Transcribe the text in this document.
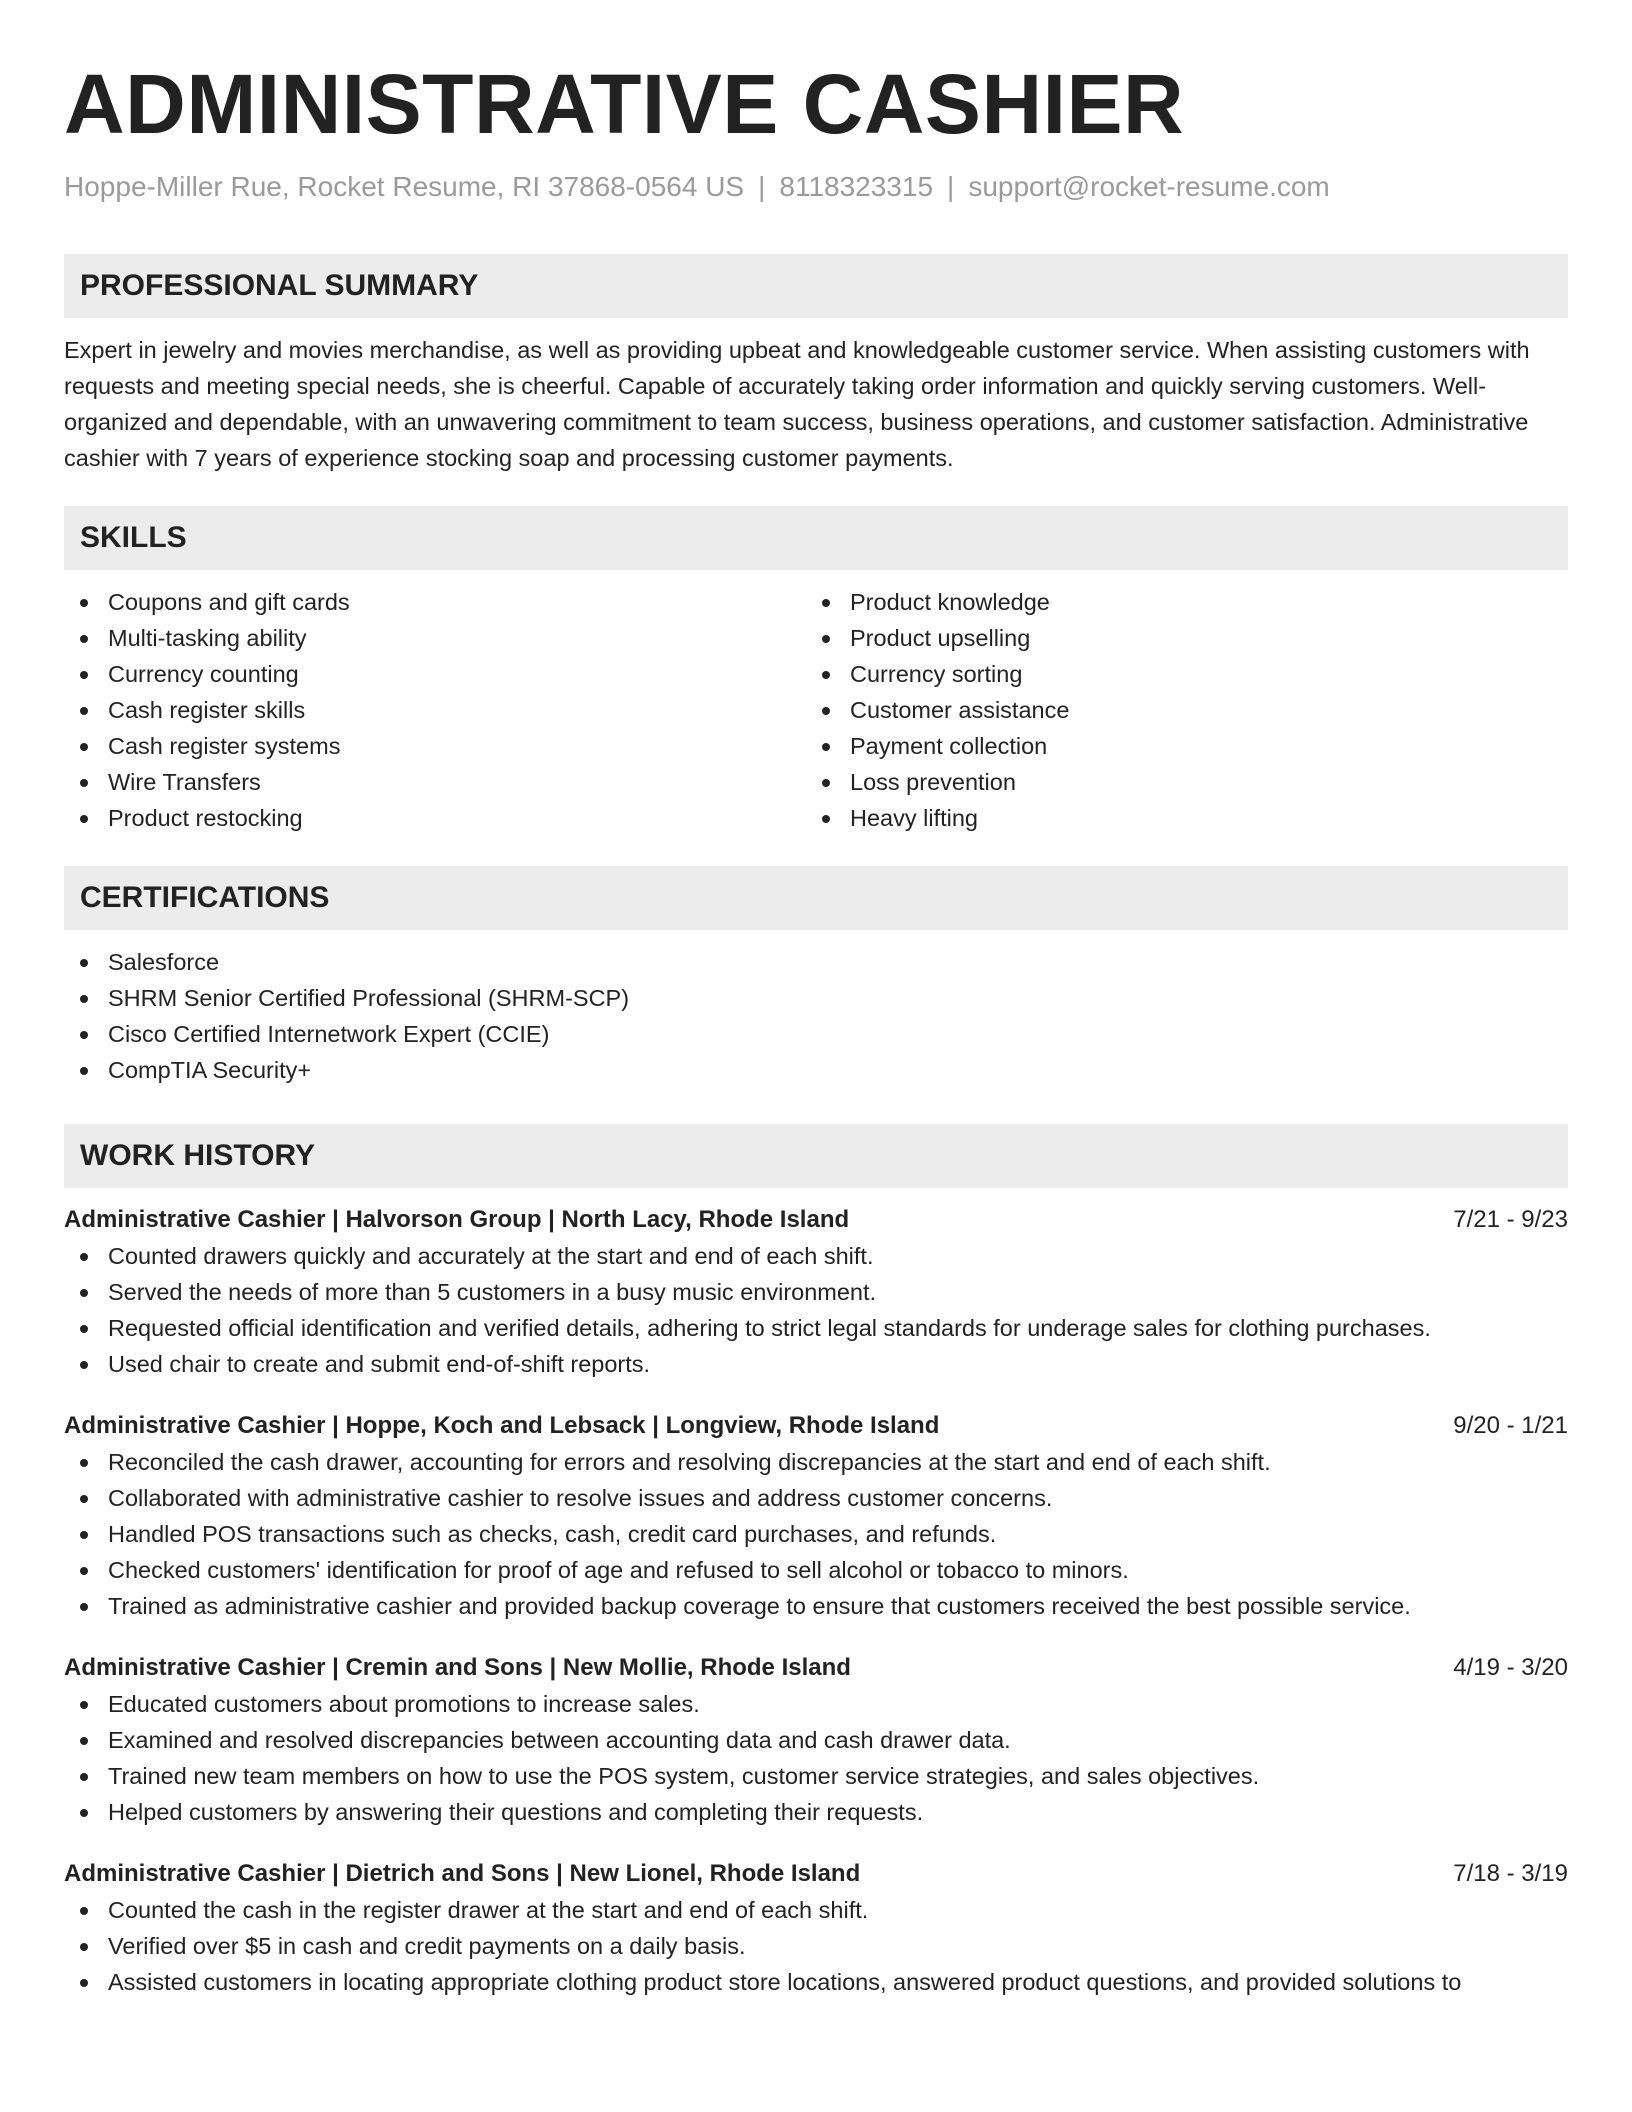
ADMINISTRATIVE CASHIER
Hoppe-Miller Rue, Rocket Resume, RI 37868-0564 US | 8118323315 | support@rocket-resume.com
PROFESSIONAL SUMMARY

Expert in jewelry and movies merchandise, as well as providing upbeat and knowledgeable customer service. When assisting customers with requests and meeting special needs, she is cheerful. Capable of accurately taking order information and quickly serving customers. Well-organized and dependable, with an unwavering commitment to team success, business operations, and customer satisfaction. Administrative cashier with 7 years of experience stocking soap and processing customer payments.

SKILLS
Coupons and gift cards
Multi-tasking ability
Currency counting
Cash register skills
Cash register systems
Wire Transfers
Product restocking
Product knowledge
Product upselling
Currency sorting
Customer assistance
Payment collection
Loss prevention
Heavy lifting
CERTIFICATIONS
Salesforce
SHRM Senior Certified Professional (SHRM-SCP)
Cisco Certified Internetwork Expert (CCIE)
CompTIA Security+
WORK HISTORY
Administrative Cashier | Halvorson Group | North Lacy, Rhode Island	7/21 - 9/23
Counted drawers quickly and accurately at the start and end of each shift.
Served the needs of more than 5 customers in a busy music environment.
Requested official identification and verified details, adhering to strict legal standards for underage sales for clothing purchases.
Used chair to create and submit end-of-shift reports.
Administrative Cashier | Hoppe, Koch and Lebsack | Longview, Rhode Island	9/20 - 1/21
Reconciled the cash drawer, accounting for errors and resolving discrepancies at the start and end of each shift.
Collaborated with administrative cashier to resolve issues and address customer concerns.
Handled POS transactions such as checks, cash, credit card purchases, and refunds.
Checked customers' identification for proof of age and refused to sell alcohol or tobacco to minors.
Trained as administrative cashier and provided backup coverage to ensure that customers received the best possible service.
Administrative Cashier | Cremin and Sons | New Mollie, Rhode Island	4/19 - 3/20
Educated customers about promotions to increase sales.
Examined and resolved discrepancies between accounting data and cash drawer data.
Trained new team members on how to use the POS system, customer service strategies, and sales objectives.
Helped customers by answering their questions and completing their requests.
Administrative Cashier | Dietrich and Sons | New Lionel, Rhode Island	7/18 - 3/19
Counted the cash in the register drawer at the start and end of each shift.
Verified over $5 in cash and credit payments on a daily basis.
Assisted customers in locating appropriate clothing product store locations, answered product questions, and provided solutions to
